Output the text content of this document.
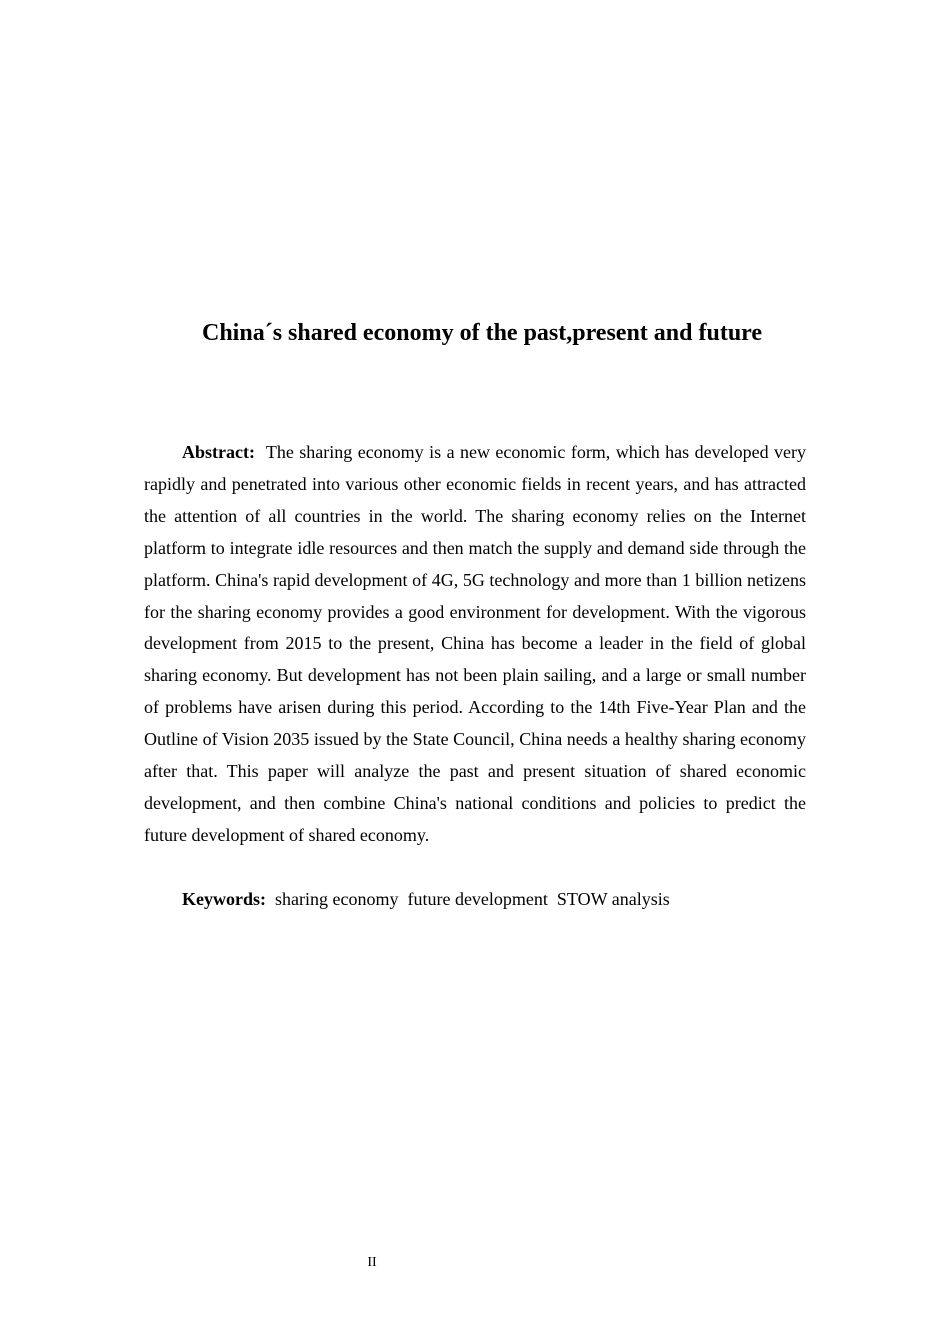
China´s shared economy of the past,present and future

Abstract: The sharing economy is a new economic form, which has developed very rapidly and penetrated into various other economic fields in recent years, and has attracted the attention of all countries in the world. The sharing economy relies on the Internet platform to integrate idle resources and then match the supply and demand side through the platform. China's rapid development of 4G, 5G technology and more than 1 billion netizens for the sharing economy provides a good environment for development. With the vigorous development from 2015 to the present, China has become a leader in the field of global sharing economy. But development has not been plain sailing, and a large or small number of problems have arisen during this period. According to the 14th Five-Year Plan and the Outline of Vision 2035 issued by the State Council, China needs a healthy sharing economy after that. This paper will analyze the past and present situation of shared economic development, and then combine China's national conditions and policies to predict the future development of shared economy.

Keywords: sharing economy  future development  STOW analysis

II
